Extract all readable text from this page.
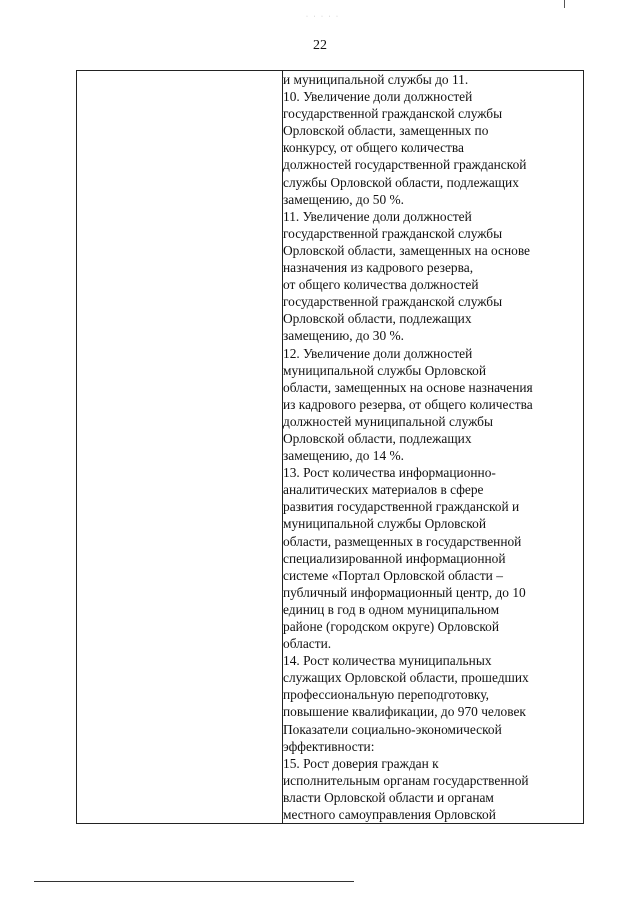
· · · · ·
22

и муниципальной службы до 11.
10. Увеличение доли должностей
государственной гражданской службы
Орловской области, замещенных по
конкурсу, от общего количества
должностей государственной гражданской
службы Орловской области, подлежащих
замещению, до 50 %.
11. Увеличение доли должностей
государственной гражданской службы
Орловской области, замещенных на основе
назначения из кадрового резерва,
от общего количества должностей
государственной гражданской службы
Орловской области, подлежащих
замещению, до 30 %.
12. Увеличение доли должностей
муниципальной службы Орловской
области, замещенных на основе назначения
из кадрового резерва, от общего количества
должностей муниципальной службы
Орловской области, подлежащих
замещению, до 14 %.
13. Рост количества информационно-
аналитических материалов в сфере
развития государственной гражданской и
муниципальной службы Орловской
области, размещенных в государственной
специализированной информационной
системе «Портал Орловской области –
публичный информационный центр, до 10
единиц в год в одном муниципальном
районе (городском округе) Орловской
области.
14. Рост количества муниципальных
служащих Орловской области, прошедших
профессиональную переподготовку,
повышение квалификации, до 970 человек
Показатели социально-экономической
эффективности:
15. Рост доверия граждан к
исполнительным органам государственной
власти Орловской области и органам
местного самоуправления Орловской
